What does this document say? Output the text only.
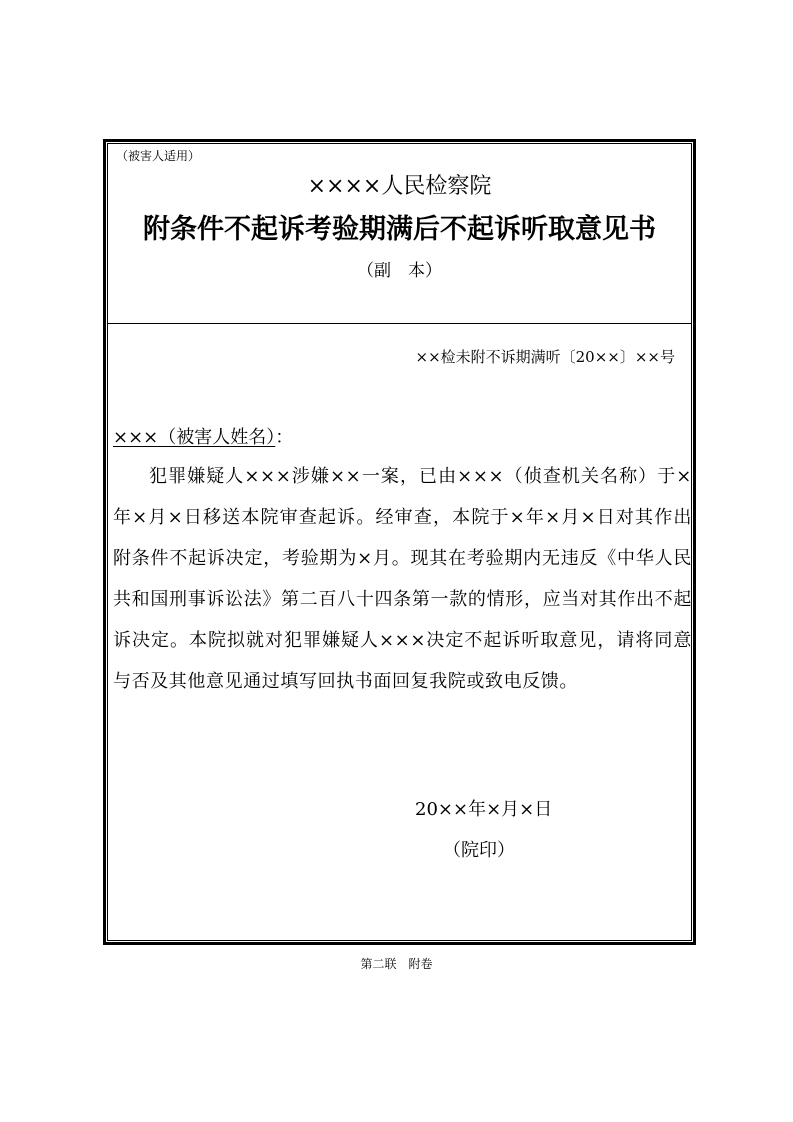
（被害人适用）
××××人民检察院
附条件不起诉考验期满后不起诉听取意见书
（副　本）
××检未附不诉期满听〔20××〕××号
×××（被害人姓名）：

犯罪嫌疑人×××涉嫌××一案，已由×××（侦查机关名称）于×年×月×日移送本院审查起诉。经审查，本院于×年×月×日对其作出附条件不起诉决定，考验期为×月。现其在考验期内无违反《中华人民共和国刑事诉讼法》第二百八十四条第一款的情形，应当对其作出不起诉决定。本院拟就对犯罪嫌疑人×××决定不起诉听取意见，请将同意与否及其他意见通过填写回执书面回复我院或致电反馈。

20××年×月×日
（院印）
第二联　附卷
